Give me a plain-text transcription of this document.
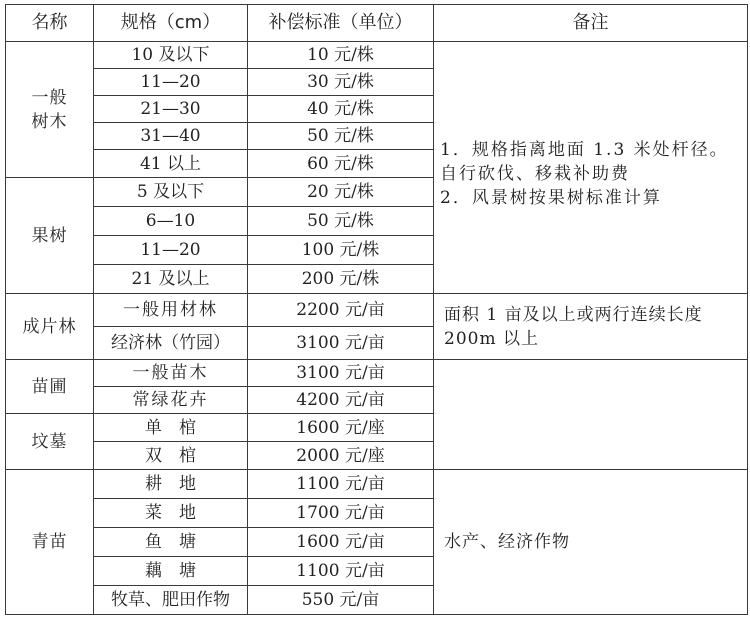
名称	规格（cm）	补偿标准（单位）	备注
一般树木	10 及以下	10 元/株	1．规格指离地面 1.3 米处杆径。自行砍伐、移栽补助费
2．风景树按果树标准计算
	11—20	30 元/株	
	21—30	40 元/株	
	31—40	50 元/株	
	41 以上	60 元/株	
果树	5 及以下	20 元/株	
	6—10	50 元/株	
	11—20	100 元/株	
	21 及以上	200 元/株	
成片林	一般用材林	2200 元/亩	面积 1 亩及以上或两行连续长度 200m 以上
	经济林（竹园）	3100 元/亩	
苗圃	一般苗木	3100 元/亩	
	常绿花卉	4200 元/亩	
坟墓	单　棺	1600 元/座	
	双　棺	2000 元/座	
青苗	耕　地	1100 元/亩	水产、经济作物
	菜　地	1700 元/亩	
	鱼　塘	1600 元/亩	
	藕　塘	1100 元/亩	
	牧草、肥田作物	550 元/亩	
